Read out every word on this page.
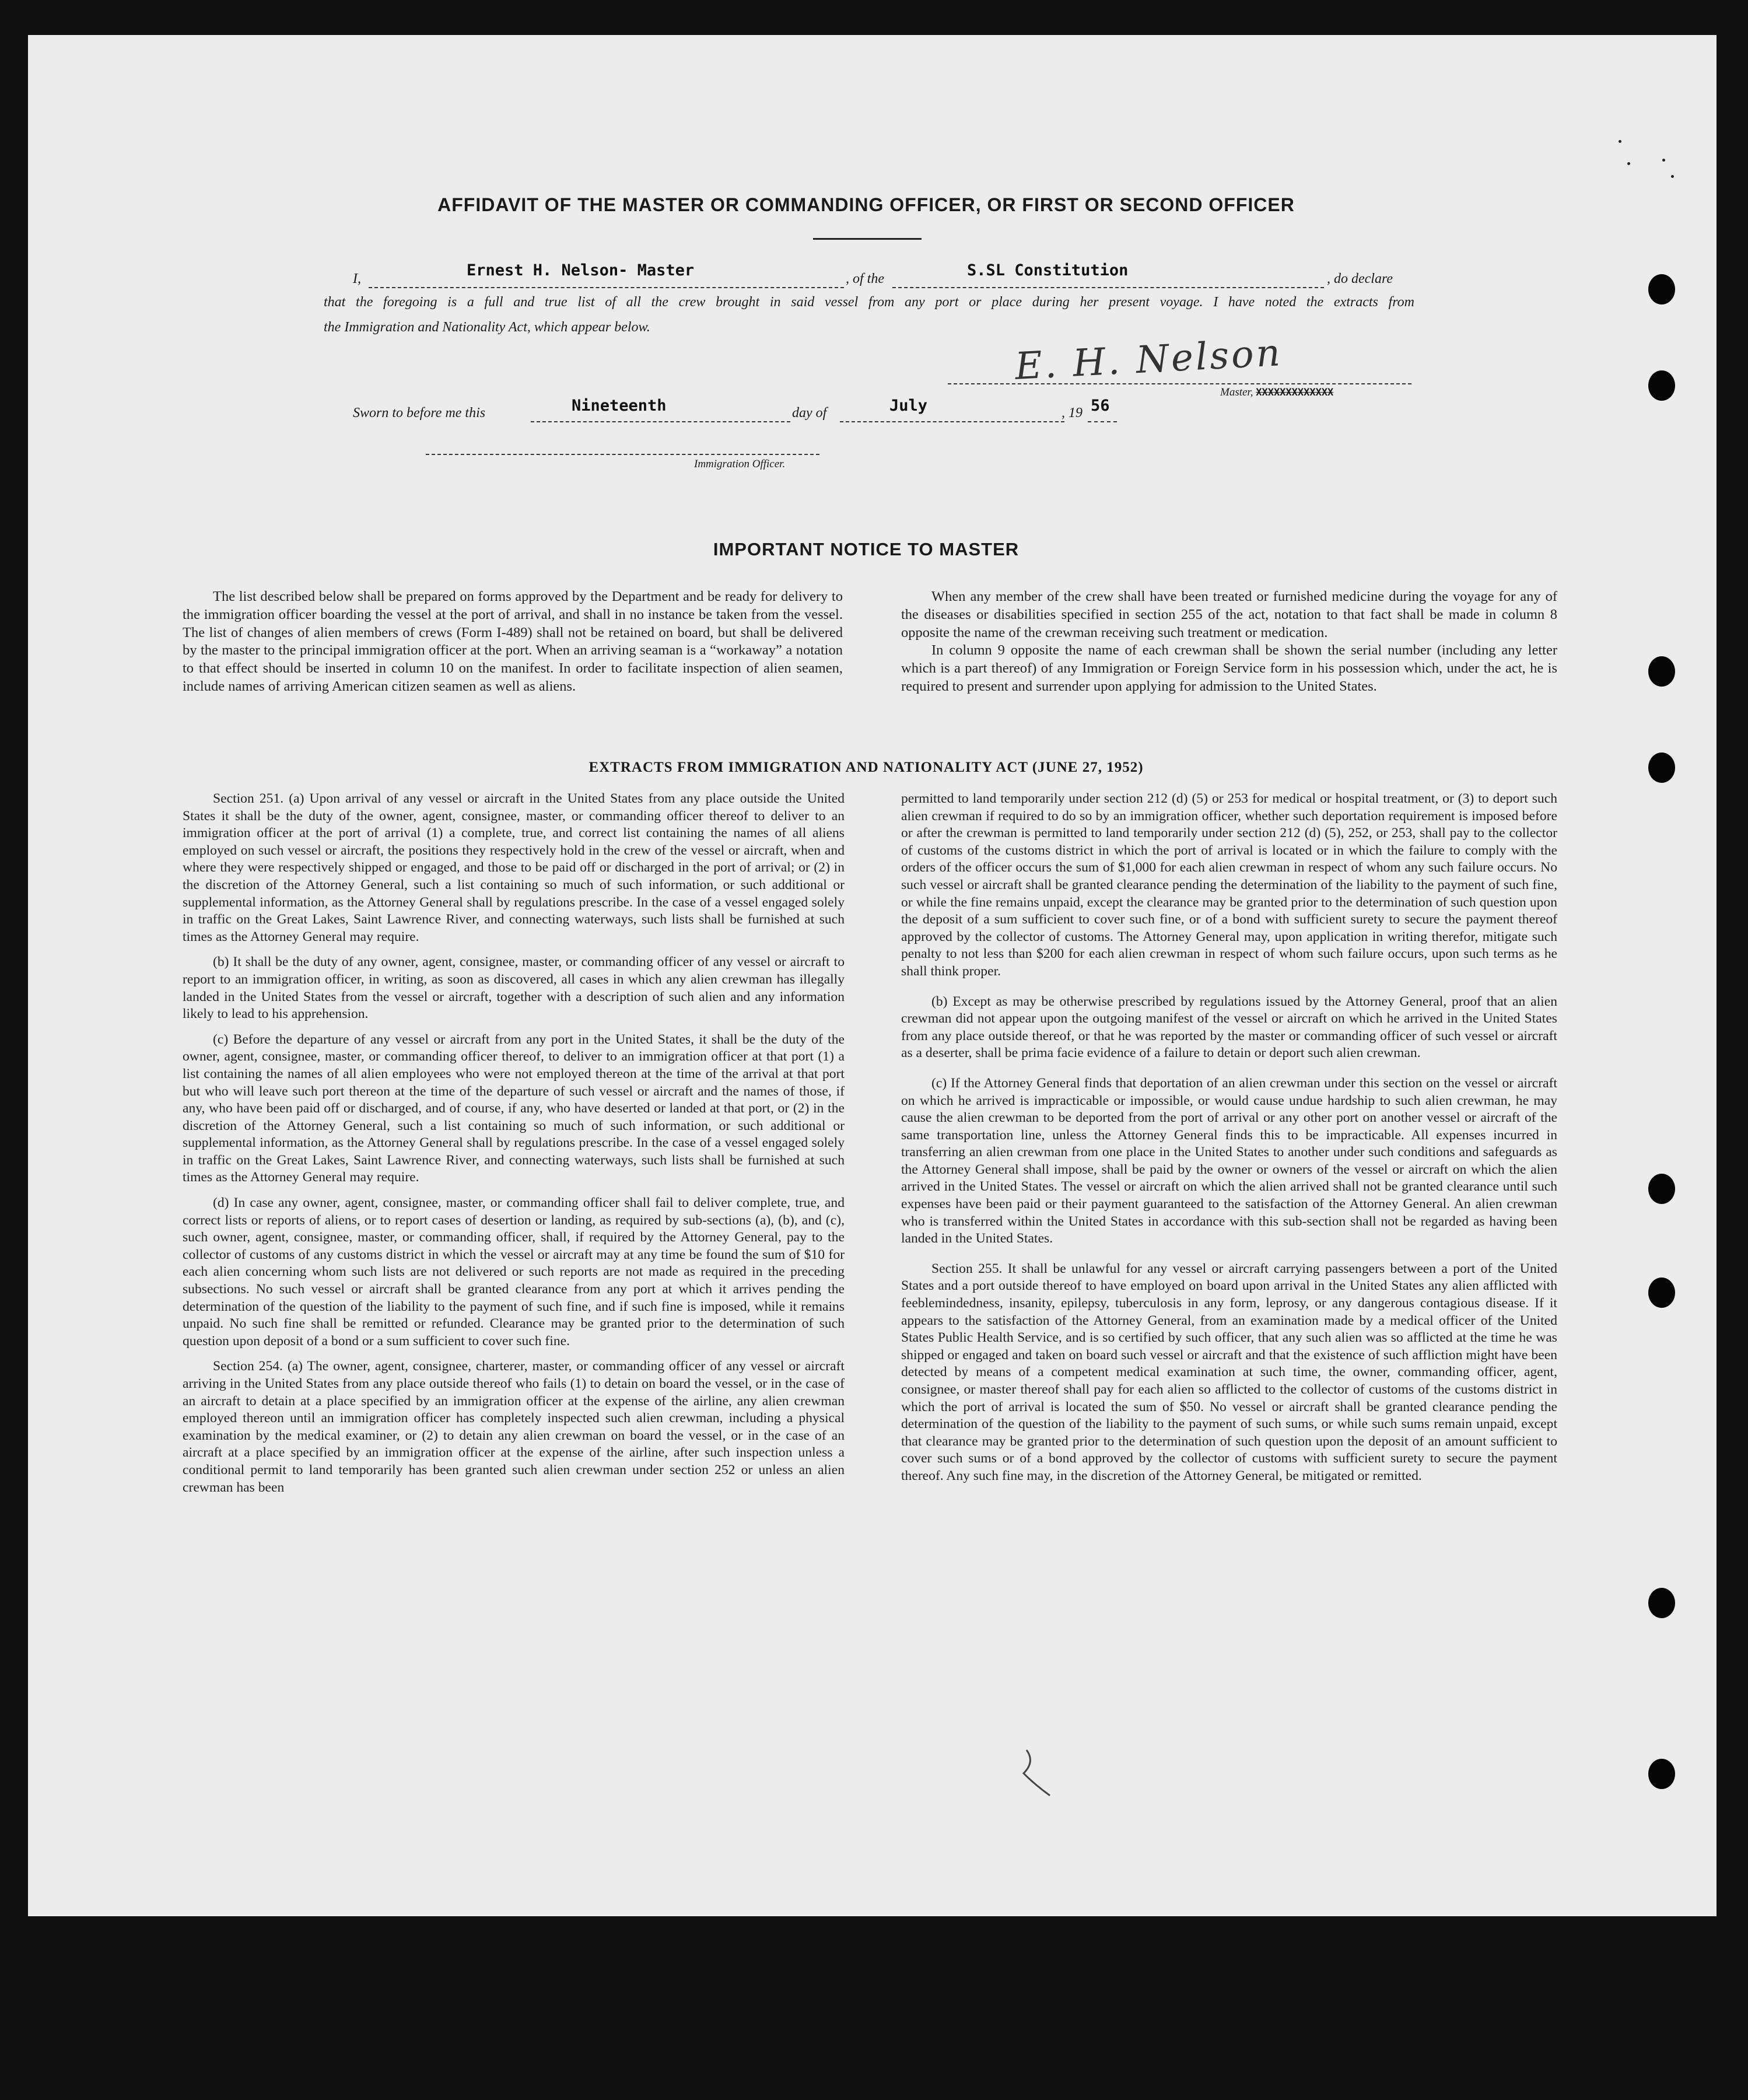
AFFIDAVIT OF THE MASTER OR COMMANDING OFFICER, OR FIRST OR SECOND OFFICER
I,	Ernest H. Nelson- Master	, of the	S.SL Constitution	, do declare
that the foregoing is a full and true list of all the crew brought in said vessel from any port or place during her present voyage. I have noted the extracts from
the Immigration and Nationality Act, which appear below.
E. H. Nelson
Master, XXXXXXXXXXXXX
Sworn to before me this	Nineteenth	day of	July	, 19 56
Immigration Officer.
IMPORTANT NOTICE TO MASTER

The list described below shall be prepared on forms approved by the Department and be ready for delivery to the immigration officer boarding the vessel at the port of arrival, and shall in no instance be taken from the vessel. The list of changes of alien members of crews (Form I-489) shall not be retained on board, but shall be delivered by the master to the principal immigration officer at the port. When an arriving seaman is a “workaway” a notation to that effect should be inserted in column 10 on the manifest. In order to facilitate inspection of alien seamen, include names of arriving American citizen seamen as well as aliens.

When any member of the crew shall have been treated or furnished medicine during the voyage for any of the diseases or disabilities specified in section 255 of the act, notation to that fact shall be made in column 8 opposite the name of the crewman receiving such treatment or medication.

In column 9 opposite the name of each crewman shall be shown the serial number (including any letter which is a part thereof) of any Immigration or Foreign Service form in his possession which, under the act, he is required to present and surrender upon applying for admission to the United States.

EXTRACTS FROM IMMIGRATION AND NATIONALITY ACT (JUNE 27, 1952)

Section 251. (a) Upon arrival of any vessel or aircraft in the United States from any place outside the United States it shall be the duty of the owner, agent, consignee, master, or commanding officer thereof to deliver to an immigration officer at the port of arrival (1) a complete, true, and correct list containing the names of all aliens employed on such vessel or aircraft, the positions they respectively hold in the crew of the vessel or aircraft, when and where they were respectively shipped or engaged, and those to be paid off or discharged in the port of arrival; or (2) in the discretion of the Attorney General, such a list containing so much of such information, or such additional or supplemental information, as the Attorney General shall by regulations prescribe. In the case of a vessel engaged solely in traffic on the Great Lakes, Saint Lawrence River, and connecting waterways, such lists shall be furnished at such times as the Attorney General may require.

(b) It shall be the duty of any owner, agent, consignee, master, or commanding officer of any vessel or aircraft to report to an immigration officer, in writing, as soon as discovered, all cases in which any alien crewman has illegally landed in the United States from the vessel or aircraft, together with a description of such alien and any information likely to lead to his apprehension.

(c) Before the departure of any vessel or aircraft from any port in the United States, it shall be the duty of the owner, agent, consignee, master, or commanding officer thereof, to deliver to an immigration officer at that port (1) a list containing the names of all alien employees who were not employed thereon at the time of the arrival at that port but who will leave such port thereon at the time of the departure of such vessel or aircraft and the names of those, if any, who have been paid off or discharged, and of course, if any, who have deserted or landed at that port, or (2) in the discretion of the Attorney General, such a list containing so much of such information, or such additional or supplemental information, as the Attorney General shall by regulations prescribe. In the case of a vessel engaged solely in traffic on the Great Lakes, Saint Lawrence River, and connecting waterways, such lists shall be furnished at such times as the Attorney General may require.

(d) In case any owner, agent, consignee, master, or commanding officer shall fail to deliver complete, true, and correct lists or reports of aliens, or to report cases of desertion or landing, as required by sub-sections (a), (b), and (c), such owner, agent, consignee, master, or commanding officer, shall, if required by the Attorney General, pay to the collector of customs of any customs district in which the vessel or aircraft may at any time be found the sum of $10 for each alien concerning whom such lists are not delivered or such reports are not made as required in the preceding subsections. No such vessel or aircraft shall be granted clearance from any port at which it arrives pending the determination of the question of the liability to the payment of such fine, and if such fine is imposed, while it remains unpaid. No such fine shall be remitted or refunded. Clearance may be granted prior to the determination of such question upon deposit of a bond or a sum sufficient to cover such fine.

Section 254. (a) The owner, agent, consignee, charterer, master, or commanding officer of any vessel or aircraft arriving in the United States from any place outside thereof who fails (1) to detain on board the vessel, or in the case of an aircraft to detain at a place specified by an immigration officer at the expense of the airline, any alien crewman employed thereon until an immigration officer has completely inspected such alien crewman, including a physical examination by the medical examiner, or (2) to detain any alien crewman on board the vessel, or in the case of an aircraft at a place specified by an immigration officer at the expense of the airline, after such inspection unless a conditional permit to land temporarily has been granted such alien crewman under section 252 or unless an alien crewman has been

permitted to land temporarily under section 212 (d) (5) or 253 for medical or hospital treatment, or (3) to deport such alien crewman if required to do so by an immigration officer, whether such deportation requirement is imposed before or after the crewman is permitted to land temporarily under section 212 (d) (5), 252, or 253, shall pay to the collector of customs of the customs district in which the port of arrival is located or in which the failure to comply with the orders of the officer occurs the sum of $1,000 for each alien crewman in respect of whom any such failure occurs. No such vessel or aircraft shall be granted clearance pending the determination of the liability to the payment of such fine, or while the fine remains unpaid, except the clearance may be granted prior to the determination of such question upon the deposit of a sum sufficient to cover such fine, or of a bond with sufficient surety to secure the payment thereof approved by the collector of customs. The Attorney General may, upon application in writing therefor, mitigate such penalty to not less than $200 for each alien crewman in respect of whom such failure occurs, upon such terms as he shall think proper.

(b) Except as may be otherwise prescribed by regulations issued by the Attorney General, proof that an alien crewman did not appear upon the outgoing manifest of the vessel or aircraft on which he arrived in the United States from any place outside thereof, or that he was reported by the master or commanding officer of such vessel or aircraft as a deserter, shall be prima facie evidence of a failure to detain or deport such alien crewman.

(c) If the Attorney General finds that deportation of an alien crewman under this section on the vessel or aircraft on which he arrived is impracticable or impossible, or would cause undue hardship to such alien crewman, he may cause the alien crewman to be deported from the port of arrival or any other port on another vessel or aircraft of the same transportation line, unless the Attorney General finds this to be impracticable. All expenses incurred in transferring an alien crewman from one place in the United States to another under such conditions and safeguards as the Attorney General shall impose, shall be paid by the owner or owners of the vessel or aircraft on which the alien arrived in the United States. The vessel or aircraft on which the alien arrived shall not be granted clearance until such expenses have been paid or their payment guaranteed to the satisfaction of the Attorney General. An alien crewman who is transferred within the United States in accordance with this sub-section shall not be regarded as having been landed in the United States.

Section 255. It shall be unlawful for any vessel or aircraft carrying passengers between a port of the United States and a port outside thereof to have employed on board upon arrival in the United States any alien afflicted with feeblemindedness, insanity, epilepsy, tuberculosis in any form, leprosy, or any dangerous contagious disease. If it appears to the satisfaction of the Attorney General, from an examination made by a medical officer of the United States Public Health Service, and is so certified by such officer, that any such alien was so afflicted at the time he was shipped or engaged and taken on board such vessel or aircraft and that the existence of such affliction might have been detected by means of a competent medical examination at such time, the owner, commanding officer, agent, consignee, or master thereof shall pay for each alien so afflicted to the collector of customs of the customs district in which the port of arrival is located the sum of $50. No vessel or aircraft shall be granted clearance pending the determination of the question of the liability to the payment of such sums, or while such sums remain unpaid, except that clearance may be granted prior to the determination of such question upon the deposit of an amount sufficient to cover such sums or of a bond approved by the collector of customs with sufficient surety to secure the payment thereof. Any such fine may, in the discretion of the Attorney General, be mitigated or remitted.
